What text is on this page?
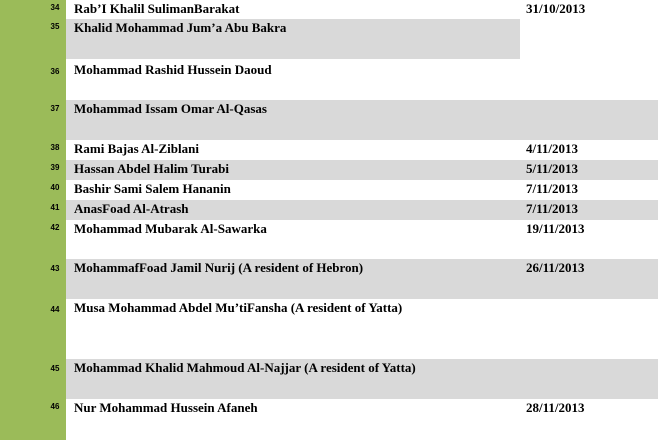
34 Rab’I Khalil SulimanBarakat	31/10/2013
35 Khalid Mohammad Jum’a Abu Bakra
36 Mohammad Rashid Hussein Daoud
37 Mohammad Issam Omar Al-Qasas
38 Rami Bajas Al-Ziblani	4/11/2013
39 Hassan Abdel Halim Turabi	5/11/2013
40 Bashir Sami Salem Hananin	7/11/2013
41 AnasFoad Al-Atrash	7/11/2013
42 Mohammad Mubarak Al-Sawarka	19/11/2013
43 MohammafFoad Jamil Nurij (A resident of Hebron)	26/11/2013
44 Musa Mohammad Abdel Mu’tiFansha (A resident of Yatta)
45 Mohammad Khalid Mahmoud Al-Najjar (A resident of Yatta)
46 Nur Mohammad Hussein Afaneh	28/11/2013
